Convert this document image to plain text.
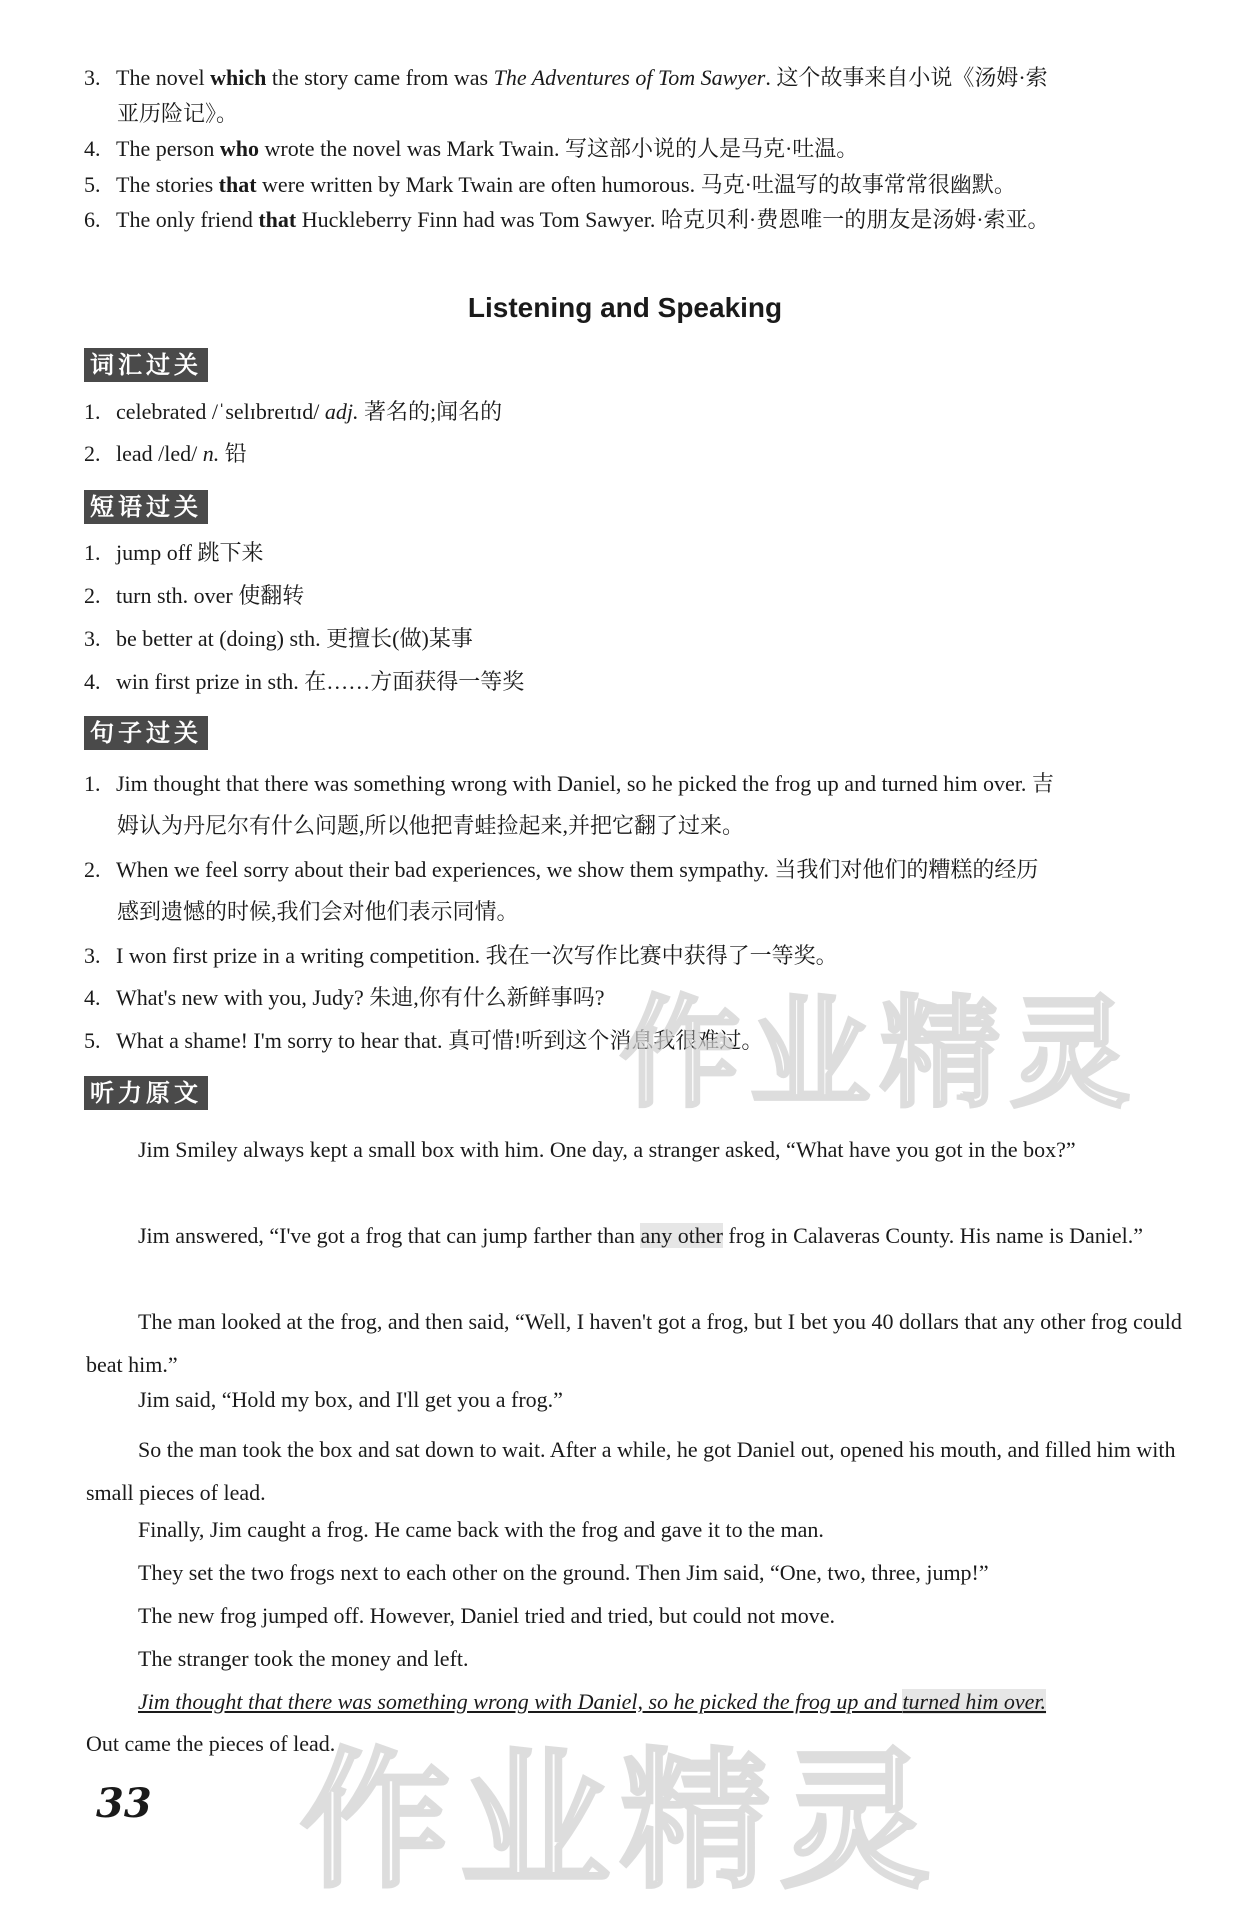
3. The novel which the story came from was The Adventures of Tom Sawyer. 这个故事来自小说《汤姆·索
亚历险记》。
4. The person who wrote the novel was Mark Twain. 写这部小说的人是马克·吐温。
5. The stories that were written by Mark Twain are often humorous. 马克·吐温写的故事常常很幽默。
6. The only friend that Huckleberry Finn had was Tom Sawyer. 哈克贝利·费恩唯一的朋友是汤姆·索亚。
Listening and Speaking
词汇过关
1. celebrated /ˈselɪbreɪtɪd/ adj. 著名的;闻名的
2. lead /led/ n. 铅
短语过关
1. jump off 跳下来
2. turn sth. over 使翻转
3. be better at (doing) sth. 更擅长(做)某事
4. win first prize in sth. 在……方面获得一等奖
句子过关
1. Jim thought that there was something wrong with Daniel, so he picked the frog up and turned him over. 吉
姆认为丹尼尔有什么问题,所以他把青蛙捡起来,并把它翻了过来。
2. When we feel sorry about their bad experiences, we show them sympathy. 当我们对他们的糟糕的经历
感到遗憾的时候,我们会对他们表示同情。
3. I won first prize in a writing competition. 我在一次写作比赛中获得了一等奖。
4. What's new with you, Judy? 朱迪,你有什么新鲜事吗?
5. What a shame! I'm sorry to hear that. 真可惜!听到这个消息我很难过。
听力原文
Jim Smiley always kept a small box with him. One day, a stranger asked, “What have you got in the box?”
Jim answered, “I've got a frog that can jump farther than any other frog in Calaveras County. His name is Daniel.”
The man looked at the frog, and then said, “Well, I haven't got a frog, but I bet you 40 dollars that any other frog could beat him.”
Jim said, “Hold my box, and I'll get you a frog.”
So the man took the box and sat down to wait. After a while, he got Daniel out, opened his mouth, and filled him with small pieces of lead.
Finally, Jim caught a frog. He came back with the frog and gave it to the man.
They set the two frogs next to each other on the ground. Then Jim said, “One, two, three, jump!”
The new frog jumped off. However, Daniel tried and tried, but could not move.
The stranger took the money and left.
Jim thought that there was something wrong with Daniel, so he picked the frog up and turned him over.
Out came the pieces of lead.
作业精灵
作业精灵
33
